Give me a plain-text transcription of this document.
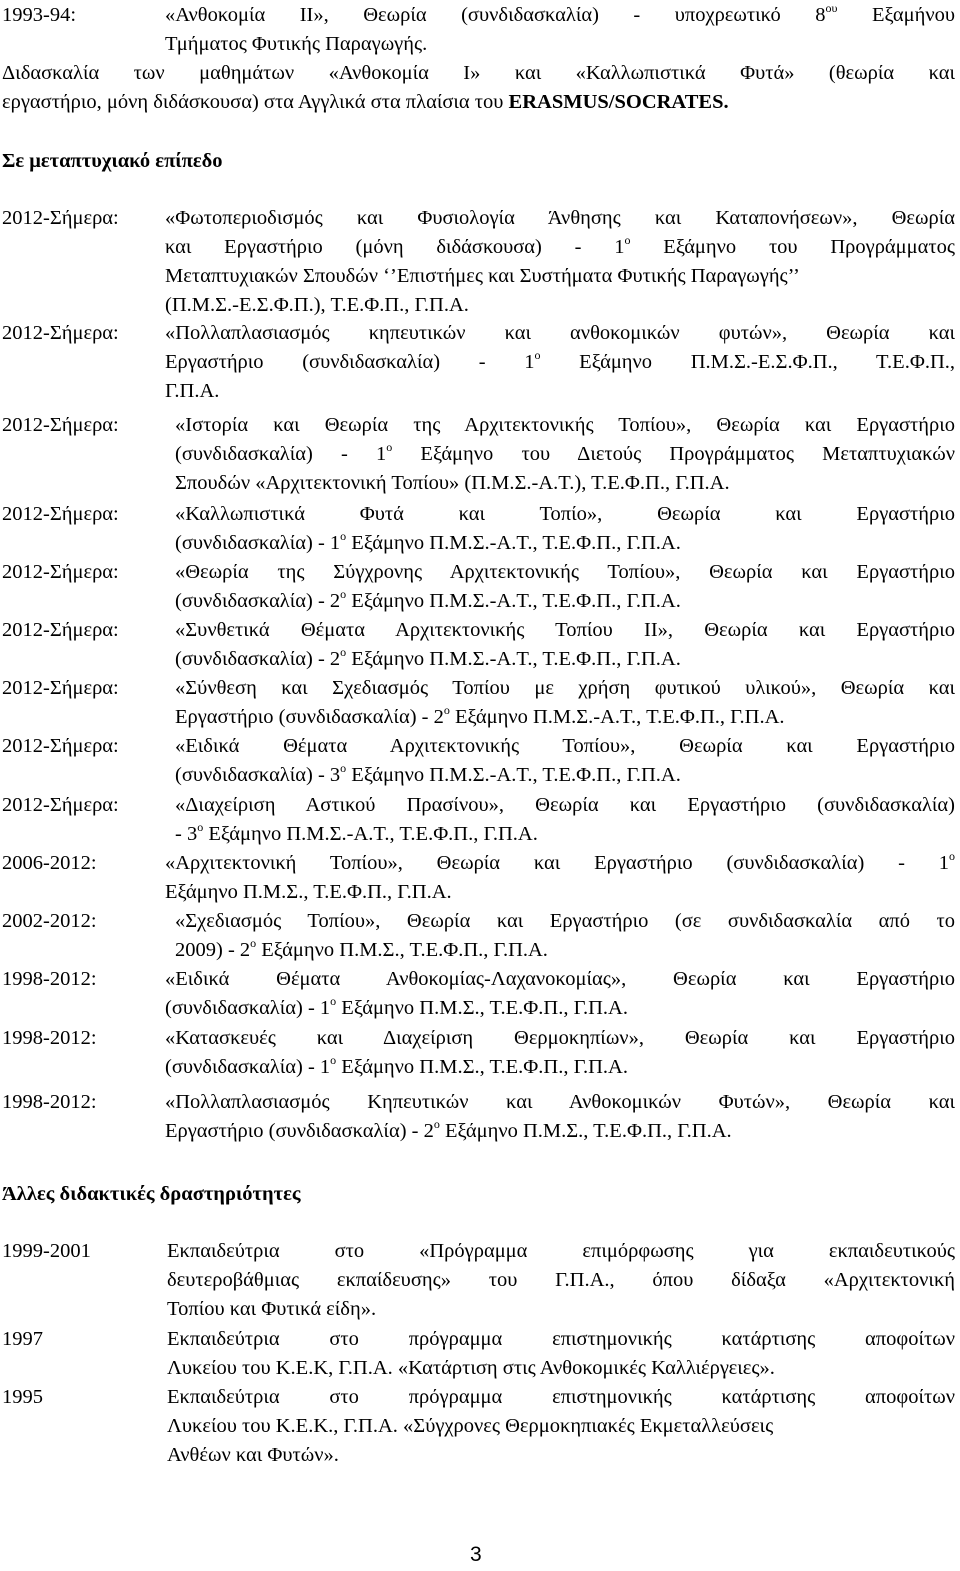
1993-94:	«Ανθοκομία ΙΙ», Θεωρία (συνδιδασκαλία) - υποχρεωτικό $8^{o\upsilon}$ Εξαμήνου
Τμήματος Φυτικής Παραγωγής.
Διδασκαλία των μαθημάτων «Ανθοκομία Ι» και «Καλλωπιστικά Φυτά» (θεωρία και
εργαστήριο, μόνη διδάσκουσα) στα Αγγλικά στα πλαίσια του ERASMUS/SOCRATES.
Σε μεταπτυχιακό επίπεδο
2012-Σήμερα: «Φωτοπεριοδισμός και Φυσιολογία Άνθησης και Καταπονήσεων», Θεωρία
και Εργαστήριο (μόνη $\delta\iota\delta ά\sigma\kappa o\upsilon\sigma\alpha) - 1^o$ Εξάμηνο του Προγράμματος
Μεταπτυχιακών Σπουδών ‘’Επιστήμες και Συστήματα Φυτικής Παραγωγής’’
(Π.Μ.Σ.-Ε.Σ.Φ.Π.), Τ.Ε.Φ.Π., Γ.Π.Α.
2012-Σήμερα: «Πολλαπλασιασμός κηπευτικών και ανθοκομικών φυτών», Θεωρία και
Εργαστήριο $(\sigma\upsilon\nu\delta\iota\delta\alpha\sigma\kappa\alpha\lambda ί\alpha) - 1^o$ Εξάμηνο Π.Μ.Σ.-Ε.Σ.Φ.Π., Τ.Ε.Φ.Π.,
Γ.Π.Α.
2012-Σήμερα:	«Ιστορία και Θεωρία της Αρχιτεκτονικής Τοπίου», Θεωρία και Εργαστήριο
$(\sigma\upsilon\nu\delta\iota\delta\alpha\sigma\kappa\alpha\lambda ί\alpha) - 1^o$ Εξάμηνο του Διετούς Προγράμματος Μεταπτυχιακών
Σπουδών «Αρχιτεκτονική Τοπίου» (Π.Μ.Σ.-Α.Τ.), Τ.Ε.Φ.Π., Γ.Π.Α.
2012-Σήμερα:	«Καλλωπιστικά Φυτά και Τοπίο», Θεωρία και Εργαστήριο
$(\sigma\upsilon\nu\delta\iota\delta\alpha\sigma\kappa\alpha\lambda ί\alpha) - 1^o$ Εξάμηνο Π.Μ.Σ.-Α.Τ., Τ.Ε.Φ.Π., Γ.Π.Α.
2012-Σήμερα:	«Θεωρία της Σύγχρονης Αρχιτεκτονικής Τοπίου», Θεωρία και Εργαστήριο
$(\sigma\upsilon\nu\delta\iota\delta\alpha\sigma\kappa\alpha\lambda ί\alpha) - 2^o$ Εξάμηνο Π.Μ.Σ.-Α.Τ., Τ.Ε.Φ.Π., Γ.Π.Α.
2012-Σήμερα:	«Συνθετικά Θέματα Αρχιτεκτονικής Τοπίου ΙΙ», Θεωρία και Εργαστήριο
$(\sigma\upsilon\nu\delta\iota\delta\alpha\sigma\kappa\alpha\lambda ί\alpha) - 2^o$ Εξάμηνο Π.Μ.Σ.-Α.Τ., Τ.Ε.Φ.Π., Γ.Π.Α.
2012-Σήμερα:	«Σύνθεση και Σχεδιασμός Τοπίου με χρήση φυτικού υλικού», Θεωρία και
Εργαστήριο $(\sigma\upsilon\nu\delta\iota\delta\alpha\sigma\kappa\alpha\lambda ί\alpha) - 2^o$ Εξάμηνο Π.Μ.Σ.-Α.Τ., Τ.Ε.Φ.Π., Γ.Π.Α.
2012-Σήμερα:	«Ειδικά Θέματα Αρχιτεκτονικής Τοπίου», Θεωρία και Εργαστήριο
$(\sigma\upsilon\nu\delta\iota\delta\alpha\sigma\kappa\alpha\lambda ί\alpha) - 3^o$ Εξάμηνο Π.Μ.Σ.-Α.Τ., Τ.Ε.Φ.Π., Γ.Π.Α.
2012-Σήμερα:	«Διαχείριση Αστικού Πρασίνου», Θεωρία και Εργαστήριο (συνδιδασκαλία)
- $3^o$ Εξάμηνο Π.Μ.Σ.-Α.Τ., Τ.Ε.Φ.Π., Γ.Π.Α.
2006-2012:	«Αρχιτεκτονική Τοπίου», Θεωρία και Εργαστήριο $(\sigma\upsilon\nu\delta\iota\delta\alpha\sigma\kappa\alpha\lambda ί\alpha) - 1^o$
Εξάμηνο Π.Μ.Σ., Τ.Ε.Φ.Π., Γ.Π.Α.
2002-2012:	«Σχεδιασμός Τοπίου», Θεωρία και Εργαστήριο (σε συνδιδασκαλία από το
$2009) - 2^o$ Εξάμηνο Π.Μ.Σ., Τ.Ε.Φ.Π., Γ.Π.Α.
1998-2012:	«Ειδικά Θέματα Ανθοκομίας-Λαχανοκομίας», Θεωρία και Εργαστήριο
$(\sigma\upsilon\nu\delta\iota\delta\alpha\sigma\kappa\alpha\lambda ί\alpha) - 1^o$ Εξάμηνο Π.Μ.Σ., Τ.Ε.Φ.Π., Γ.Π.Α.
1998-2012:	«Κατασκευές και Διαχείριση Θερμοκηπίων», Θεωρία και Εργαστήριο
$(\sigma\upsilon\nu\delta\iota\delta\alpha\sigma\kappa\alpha\lambda ί\alpha) - 1^o$ Εξάμηνο Π.Μ.Σ., Τ.Ε.Φ.Π., Γ.Π.Α.
1998-2012:	«Πολλαπλασιασμός Κηπευτικών και Ανθοκομικών Φυτών», Θεωρία και
Εργαστήριο $(\sigma\upsilon\nu\delta\iota\delta\alpha\sigma\kappa\alpha\lambda ί\alpha) - 2^o$ Εξάμηνο Π.Μ.Σ., Τ.Ε.Φ.Π., Γ.Π.Α.
Άλλες διδακτικές δραστηριότητες
1999-2001	Εκπαιδεύτρια στο «Πρόγραμμα επιμόρφωσης για εκπαιδευτικούς
δευτεροβάθμιας εκπαίδευσης» του Γ.Π.Α., όπου δίδαξα «Αρχιτεκτονική
Τοπίου και Φυτικά είδη».
1997	Εκπαιδεύτρια στο πρόγραμμα επιστημονικής κατάρτισης αποφοίτων
Λυκείου του Κ.Ε.Κ, Γ.Π.Α. «Κατάρτιση στις Ανθοκομικές Καλλιέργειες».
1995	Εκπαιδεύτρια στο πρόγραμμα επιστημονικής κατάρτισης αποφοίτων
Λυκείου του Κ.Ε.Κ., Γ.Π.Α. «Σύγχρονες Θερμοκηπιακές Εκμεταλλεύσεις
Ανθέων και Φυτών».
3
